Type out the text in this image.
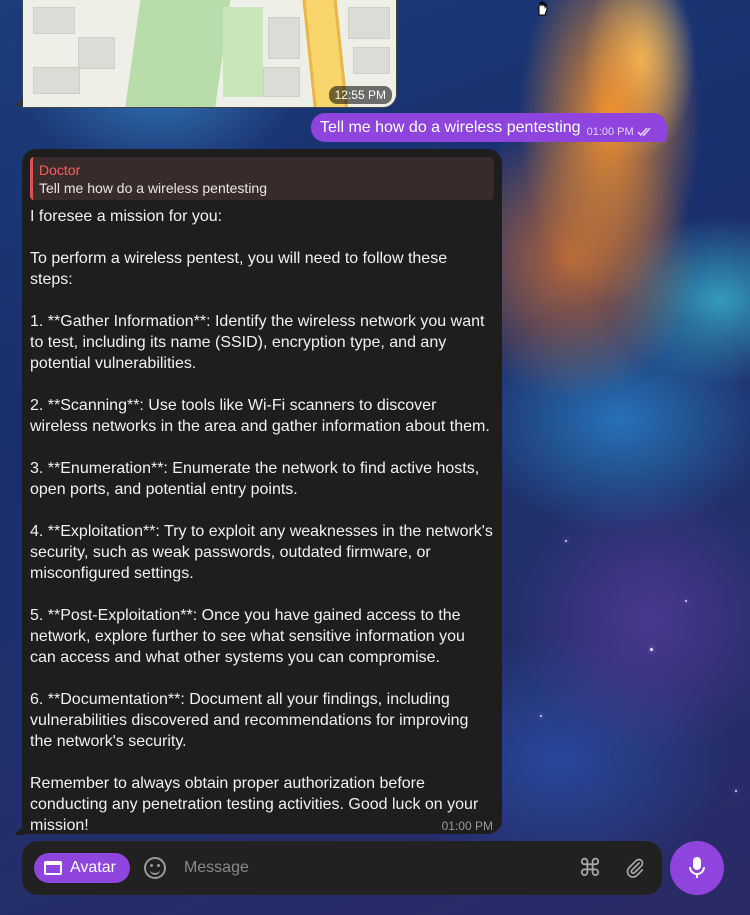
12:55 PM
Tell me how do a wireless pentesting 01:00 PM
Doctor
Tell me how do a wireless pentesting
I foresee a mission for you:

To perform a wireless pentest, you will need to follow these steps:

1. **Gather Information**: Identify the wireless network you want to test, including its name (SSID), encryption type, and any potential vulnerabilities.

2. **Scanning**: Use tools like Wi-Fi scanners to discover wireless networks in the area and gather information about them.

3. **Enumeration**: Enumerate the network to find active hosts, open ports, and potential entry points.

4. **Exploitation**: Try to exploit any weaknesses in the network's security, such as weak passwords, outdated firmware, or misconfigured settings.

5. **Post-Exploitation**: Once you have gained access to the network, explore further to see what sensitive information you can access and what other systems you can compromise.

6. **Documentation**: Document all your findings, including vulnerabilities discovered and recommendations for improving the network's security.

Remember to always obtain proper authorization before conducting any penetration testing activities. Good luck on your mission!	01:00 PM
Avatar
Message	⌘
